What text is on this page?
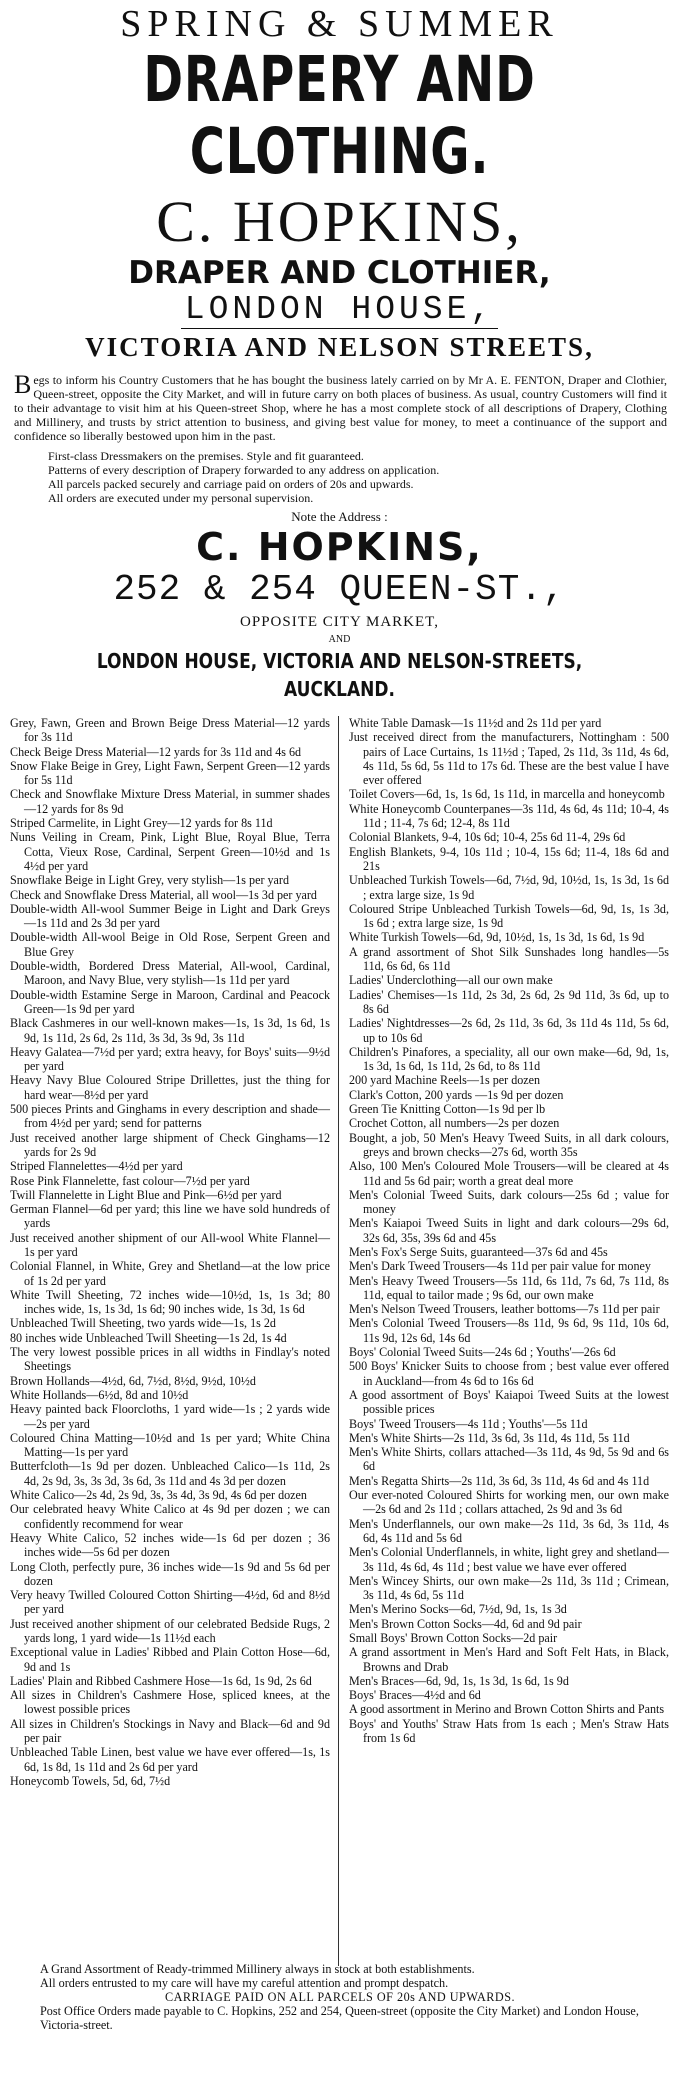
SPRING & SUMMER
DRAPERY AND CLOTHING.
C. HOPKINS,
DRAPER AND CLOTHIER,
LONDON HOUSE,
VICTORIA AND NELSON STREETS,
B egs to inform his Country Customers that he has bought the business lately carried on by Mr A. E. FENTON, Draper and Clothier, Queen-street, opposite the City Market, and will in future carry on both places of business. As usual, country Customers will find it to their advantage to visit him at his Queen-street Shop, where he has a most complete stock of all descriptions of Drapery, Clothing and Millinery, and trusts by strict attention to business, and giving best value for money, to meet a continuance of the support and confidence so liberally bestowed upon him in the past.
First-class Dressmakers on the premises. Style and fit guaranteed.
Patterns of every description of Drapery forwarded to any address on application.
All parcels packed securely and carriage paid on orders of 20s and upwards.
All orders are executed under my personal supervision.
Note the Address :
C. HOPKINS,
252 & 254 QUEEN-ST.,
OPPOSITE CITY MARKET,
AND
LONDON HOUSE, VICTORIA AND NELSON-STREETS, AUCKLAND.
Grey, Fawn, Green and Brown Beige Dress Material—12 yards for 3s 11d
Check Beige Dress Material—12 yards for 3s 11d and 4s 6d
Snow Flake Beige in Grey, Light Fawn, Serpent Green—12 yards for 5s 11d
Check and Snowflake Mixture Dress Material, in summer shades—12 yards for 8s 9d
Striped Carmelite, in Light Grey—12 yards for 8s 11d
Nuns Veiling in Cream, Pink, Light Blue, Royal Blue, Terra Cotta, Vieux Rose, Cardinal, Serpent Green—10½d and 1s 4½d per yard
Snowflake Beige in Light Grey, very stylish—1s per yard
Check and Snowflake Dress Material, all wool—1s 3d per yard
Double-width All-wool Summer Beige in Light and Dark Greys—1s 11d and 2s 3d per yard
Double-width All-wool Beige in Old Rose, Serpent Green and Blue Grey
Double-width, Bordered Dress Material, All-wool, Cardinal, Maroon, and Navy Blue, very stylish—1s 11d per yard
Double-width Estamine Serge in Maroon, Cardinal and Peacock Green—1s 9d per yard
Black Cashmeres in our well-known makes—1s, 1s 3d, 1s 6d, 1s 9d, 1s 11d, 2s 6d, 2s 11d, 3s 3d, 3s 9d, 3s 11d
Heavy Galatea—7½d per yard; extra heavy, for Boys' suits—9½d per yard
Heavy Navy Blue Coloured Stripe Drillettes, just the thing for hard wear—8½d per yard
500 pieces Prints and Ginghams in every description and shade—from 4½d per yard; send for patterns
Just received another large shipment of Check Ginghams—12 yards for 2s 9d
Striped Flannelettes—4½d per yard
Rose Pink Flannelette, fast colour—7½d per yard
Twill Flannelette in Light Blue and Pink—6½d per yard
German Flannel—6d per yard; this line we have sold hundreds of yards
Just received another shipment of our All-wool White Flannel—1s per yard
Colonial Flannel, in White, Grey and Shetland—at the low price of 1s 2d per yard
White Twill Sheeting, 72 inches wide—10½d, 1s, 1s 3d; 80 inches wide, 1s, 1s 3d, 1s 6d; 90 inches wide, 1s 3d, 1s 6d
Unbleached Twill Sheeting, two yards wide—1s, 1s 2d
80 inches wide Unbleached Twill Sheeting—1s 2d, 1s 4d
The very lowest possible prices in all widths in Findlay's noted Sheetings
Brown Hollands—4½d, 6d, 7½d, 8½d, 9½d, 10½d
White Hollands—6½d, 8d and 10½d
Heavy painted back Floorcloths, 1 yard wide—1s ; 2 yards wide—2s per yard
Coloured China Matting—10½d and 1s per yard; White China Matting—1s per yard
Butterfcloth—1s 9d per dozen. Unbleached Calico—1s 11d, 2s 4d, 2s 9d, 3s, 3s 3d, 3s 6d, 3s 11d and 4s 3d per dozen
White Calico—2s 4d, 2s 9d, 3s, 3s 4d, 3s 9d, 4s 6d per dozen
Our celebrated heavy White Calico at 4s 9d per dozen ; we can confidently recommend for wear
Heavy White Calico, 52 inches wide—1s 6d per dozen ; 36 inches wide—5s 6d per dozen
Long Cloth, perfectly pure, 36 inches wide—1s 9d and 5s 6d per dozen
Very heavy Twilled Coloured Cotton Shirting—4½d, 6d and 8½d per yard
Just received another shipment of our celebrated Bedside Rugs, 2 yards long, 1 yard wide—1s 11½d each
Exceptional value in Ladies' Ribbed and Plain Cotton Hose—6d, 9d and 1s
Ladies' Plain and Ribbed Cashmere Hose—1s 6d, 1s 9d, 2s 6d
All sizes in Children's Cashmere Hose, spliced knees, at the lowest possible prices
All sizes in Children's Stockings in Navy and Black—6d and 9d per pair
Unbleached Table Linen, best value we have ever offered—1s, 1s 6d, 1s 8d, 1s 11d and 2s 6d per yard
Honeycomb Towels, 5d, 6d, 7½d
White Table Damask—1s 11½d and 2s 11d per yard
Just received direct from the manufacturers, Nottingham : 500 pairs of Lace Curtains, 1s 11½d ; Taped, 2s 11d, 3s 11d, 4s 6d, 4s 11d, 5s 6d, 5s 11d to 17s 6d. These are the best value I have ever offered
Toilet Covers—6d, 1s, 1s 6d, 1s 11d, in marcella and honeycomb
White Honeycomb Counterpanes—3s 11d, 4s 6d, 4s 11d; 10-4, 4s 11d ; 11-4, 7s 6d; 12-4, 8s 11d
Colonial Blankets, 9-4, 10s 6d; 10-4, 25s 6d 11-4, 29s 6d
English Blankets, 9-4, 10s 11d ; 10-4, 15s 6d; 11-4, 18s 6d and 21s
Unbleached Turkish Towels—6d, 7½d, 9d, 10½d, 1s, 1s 3d, 1s 6d ; extra large size, 1s 9d
Coloured Stripe Unbleached Turkish Towels—6d, 9d, 1s, 1s 3d, 1s 6d ; extra large size, 1s 9d
White Turkish Towels—6d, 9d, 10½d, 1s, 1s 3d, 1s 6d, 1s 9d
A grand assortment of Shot Silk Sunshades long handles—5s 11d, 6s 6d, 6s 11d
Ladies' Underclothing—all our own make
Ladies' Chemises—1s 11d, 2s 3d, 2s 6d, 2s 9d 11d, 3s 6d, up to 8s 6d
Ladies' Nightdresses—2s 6d, 2s 11d, 3s 6d, 3s 11d 4s 11d, 5s 6d, up to 10s 6d
Children's Pinafores, a speciality, all our own make—6d, 9d, 1s, 1s 3d, 1s 6d, 1s 11d, 2s 6d, to 8s 11d
200 yard Machine Reels—1s per dozen
Clark's Cotton, 200 yards —1s 9d per dozen
Green Tie Knitting Cotton—1s 9d per lb
Crochet Cotton, all numbers—2s per dozen
Bought, a job, 50 Men's Heavy Tweed Suits, in all dark colours, greys and brown checks—27s 6d, worth 35s
Also, 100 Men's Coloured Mole Trousers—will be cleared at 4s 11d and 5s 6d pair; worth a great deal more
Men's Colonial Tweed Suits, dark colours—25s 6d ; value for money
Men's Kaiapoi Tweed Suits in light and dark colours—29s 6d, 32s 6d, 35s, 39s 6d and 45s
Men's Fox's Serge Suits, guaranteed—37s 6d and 45s
Men's Dark Tweed Trousers—4s 11d per pair value for money
Men's Heavy Tweed Trousers—5s 11d, 6s 11d, 7s 6d, 7s 11d, 8s 11d, equal to tailor made ; 9s 6d, our own make
Men's Nelson Tweed Trousers, leather bottoms—7s 11d per pair
Men's Colonial Tweed Trousers—8s 11d, 9s 6d, 9s 11d, 10s 6d, 11s 9d, 12s 6d, 14s 6d
Boys' Colonial Tweed Suits—24s 6d ; Youths'—26s 6d
500 Boys' Knicker Suits to choose from ; best value ever offered in Auckland—from 4s 6d to 16s 6d
A good assortment of Boys' Kaiapoi Tweed Suits at the lowest possible prices
Boys' Tweed Trousers—4s 11d ; Youths'—5s 11d
Men's White Shirts—2s 11d, 3s 6d, 3s 11d, 4s 11d, 5s 11d
Men's White Shirts, collars attached—3s 11d, 4s 9d, 5s 9d and 6s 6d
Men's Regatta Shirts—2s 11d, 3s 6d, 3s 11d, 4s 6d and 4s 11d
Our ever-noted Coloured Shirts for working men, our own make—2s 6d and 2s 11d ; collars attached, 2s 9d and 3s 6d
Men's Underflannels, our own make—2s 11d, 3s 6d, 3s 11d, 4s 6d, 4s 11d and 5s 6d
Men's Colonial Underflannels, in white, light grey and shetland—3s 11d, 4s 6d, 4s 11d ; best value we have ever offered
Men's Wincey Shirts, our own make—2s 11d, 3s 11d ; Crimean, 3s 11d, 4s 6d, 5s 11d
Men's Merino Socks—6d, 7½d, 9d, 1s, 1s 3d
Men's Brown Cotton Socks—4d, 6d and 9d pair
Small Boys' Brown Cotton Socks—2d pair
A grand assortment in Men's Hard and Soft Felt Hats, in Black, Browns and Drab
Men's Braces—6d, 9d, 1s, 1s 3d, 1s 6d, 1s 9d
Boys' Braces—4½d and 6d
A good assortment in Merino and Brown Cotton Shirts and Pants
Boys' and Youths' Straw Hats from 1s each ; Men's Straw Hats from 1s 6d
A Grand Assortment of Ready-trimmed Millinery always in stock at both establishments.
All orders entrusted to my care will have my careful attention and prompt despatch.
CARRIAGE PAID ON ALL PARCELS OF 20s AND UPWARDS.
Post Office Orders made payable to C. Hopkins, 252 and 254, Queen-street (opposite the City Market) and London House, Victoria-street.
